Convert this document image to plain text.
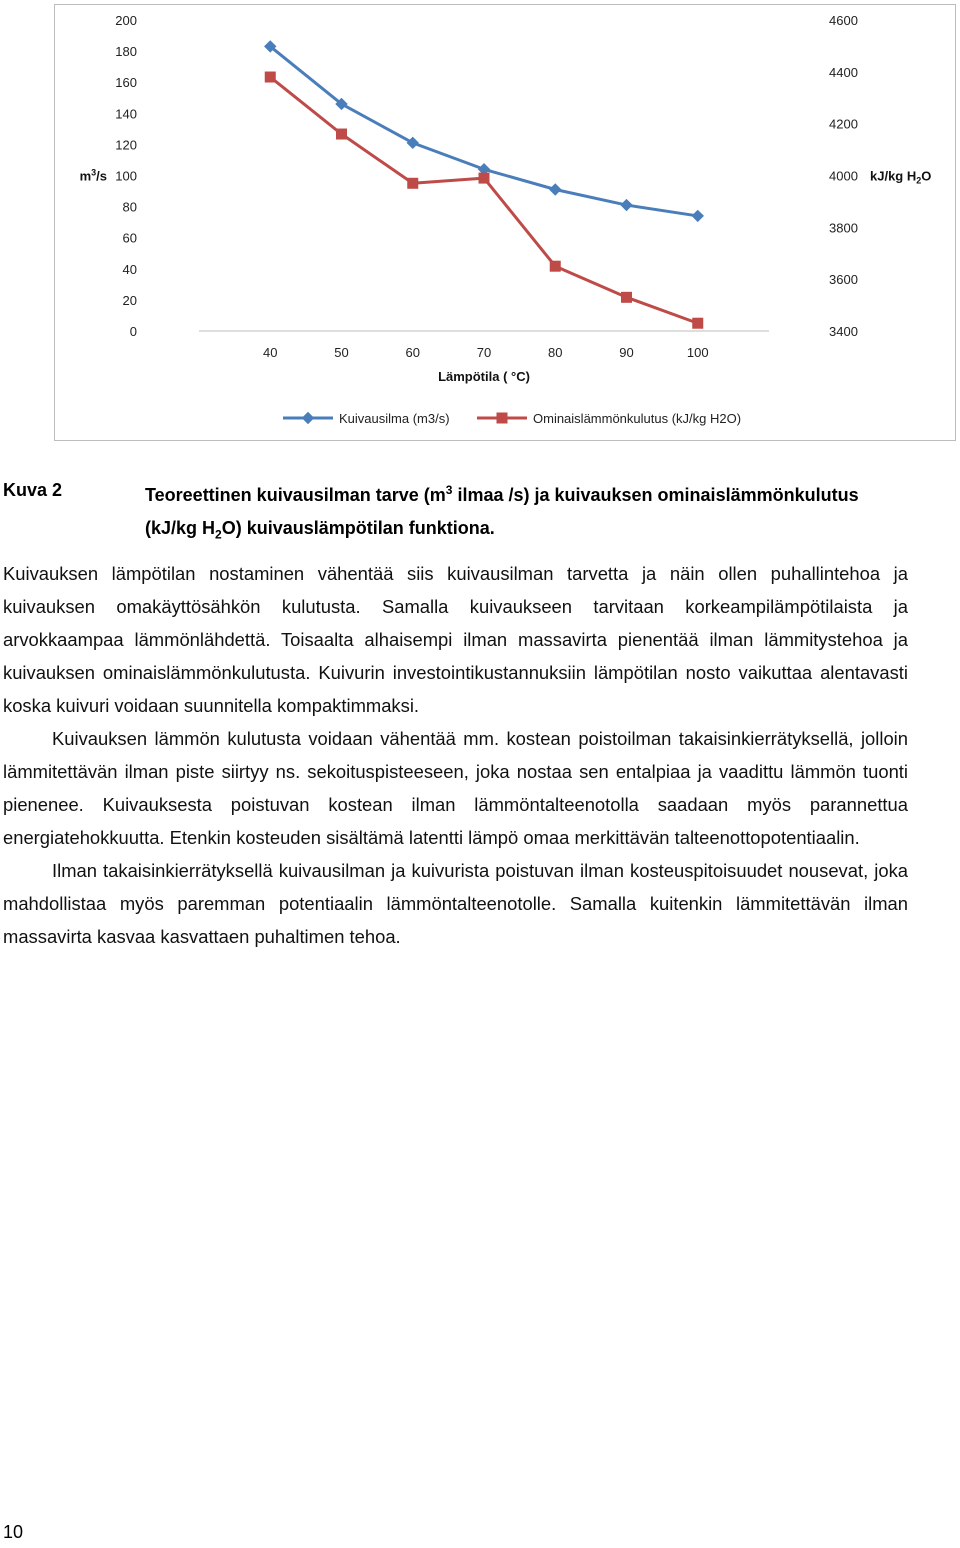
0
20
40
60
80
100
120
140
160
180
200
3400
3600
3800
4000
4200
4400
4600
40	50	60	70	80	90	100
$m^3/s$	kJ/kg $H_2O$
Lämpötila ( °C)
Kuivausilma (m3/s)	Ominaislämmönkulutus (kJ/kg H2O)
Kuva 2	Teoreettinen kuivausilman tarve ($m^3$ ilmaa /s) ja kuivauksen ominaislämmönkulutus (kJ/kg $H_2O$) kuivauslämpötilan funktiona.

Kuivauksen lämpötilan nostaminen vähentää siis kuivausilman tarvetta ja näin ollen puhallintehoa ja kuivauksen omakäyttösähkön kulutusta. Samalla kuivaukseen tarvitaan korkeampilämpötilaista ja arvokkaampaa lämmönlähdettä. Toisaalta alhaisempi ilman massavirta pienentää ilman lämmitystehoa ja kuivauksen ominaislämmönkulutusta. Kuivurin investointikustannuksiin lämpötilan nosto vaikuttaa alentavasti koska kuivuri voidaan suunnitella kompaktimmaksi.

Kuivauksen lämmön kulutusta voidaan vähentää mm. kostean poistoilman takaisinkierrätyksellä, jolloin lämmitettävän ilman piste siirtyy ns. sekoituspisteeseen, joka nostaa sen entalpiaa ja vaadittu lämmön tuonti pienenee. Kuivauksesta poistuvan kostean ilman lämmöntalteenotolla saadaan myös parannettua energiatehokkuutta. Etenkin kosteuden sisältämä latentti lämpö omaa merkittävän talteenottopotentiaalin.

Ilman takaisinkierrätyksellä kuivausilman ja kuivurista poistuvan ilman kosteuspitoisuudet nousevat, joka mahdollistaa myös paremman potentiaalin lämmöntalteenotolle. Samalla kuitenkin lämmitettävän ilman massavirta kasvaa kasvattaen puhaltimen tehoa.

10
